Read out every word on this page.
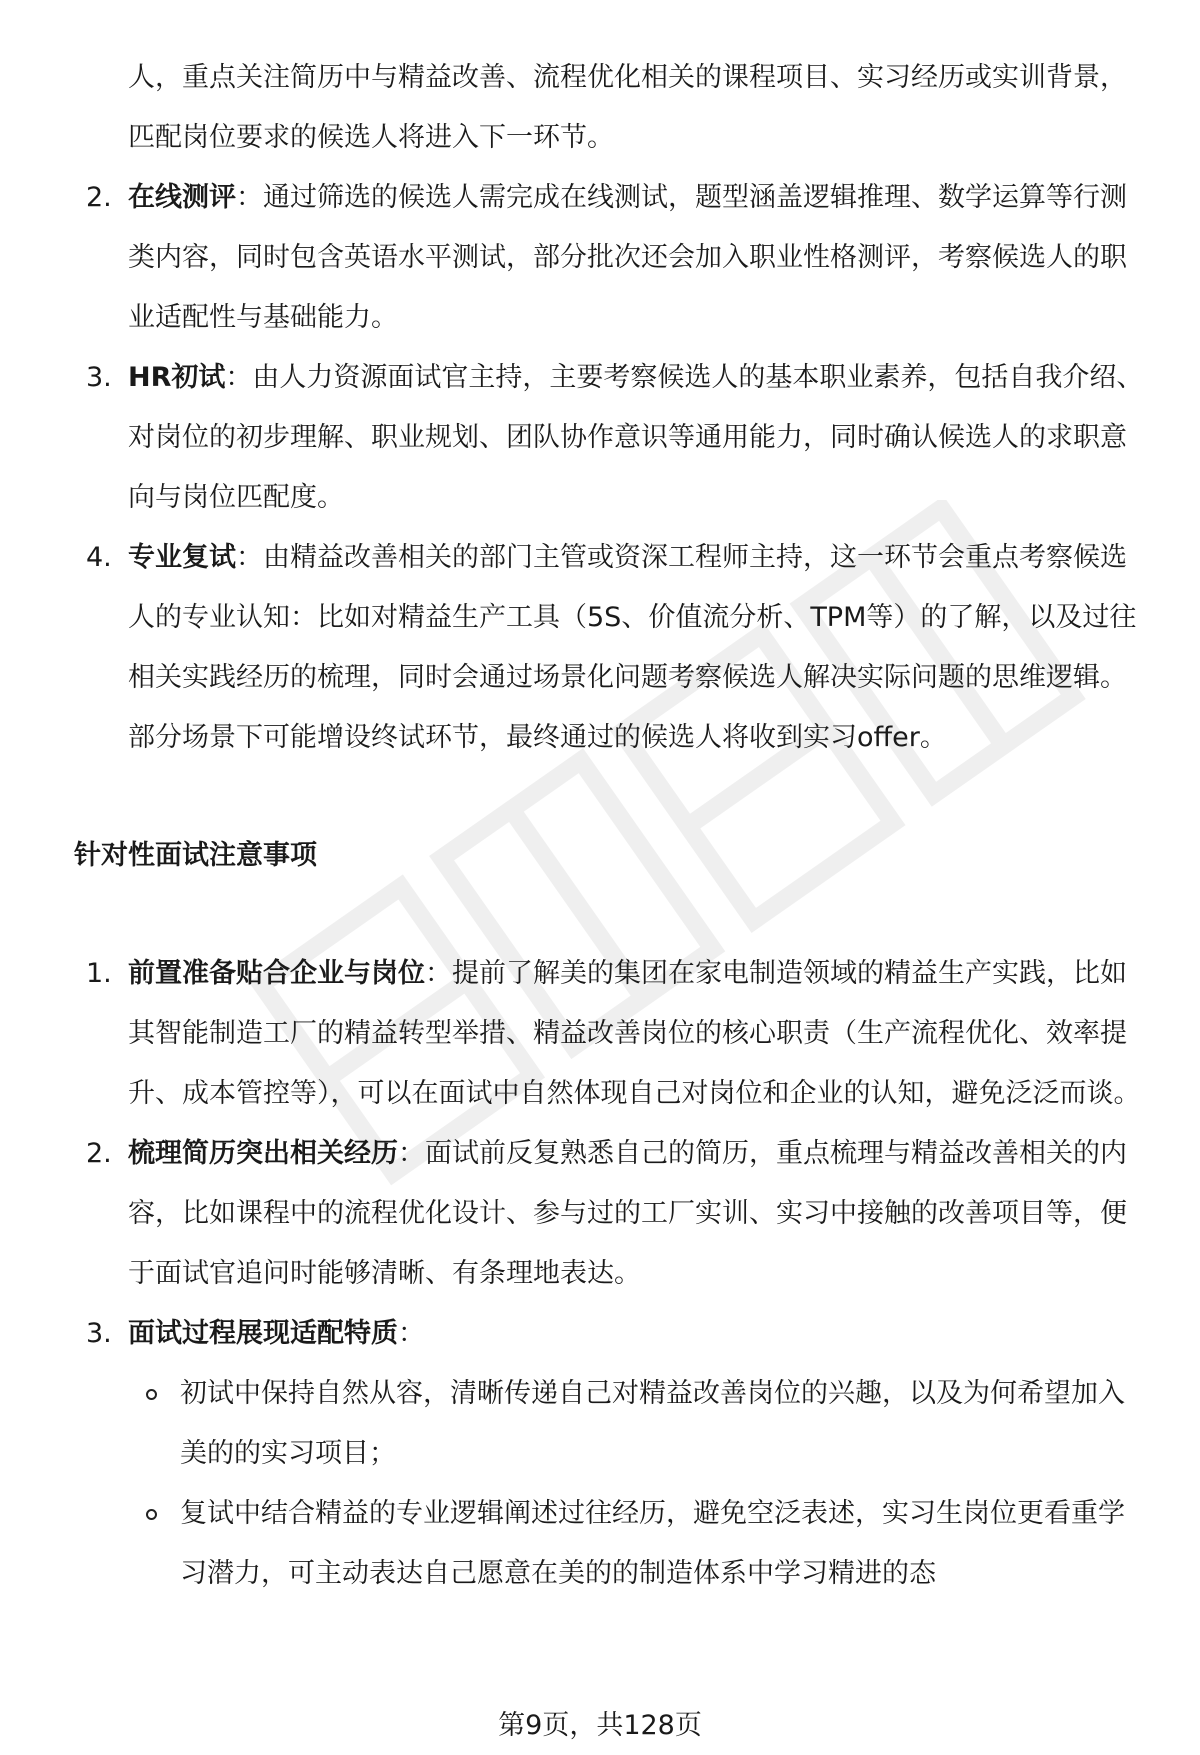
人，重点关注简历中与精益改善、流程优化相关的课程项目、实习经历或实训背景，匹配岗位要求的候选人将进入下一环节。

2. 在线测评：通过筛选的候选人需完成在线测试，题型涵盖逻辑推理、数学运算等行测类内容，同时包含英语水平测试，部分批次还会加入职业性格测评，考察候选人的职业适配性与基础能力。
3. HR初试：由人力资源面试官主持，主要考察候选人的基本职业素养，包括自我介绍、对岗位的初步理解、职业规划、团队协作意识等通用能力，同时确认候选人的求职意向与岗位匹配度。
4. 专业复试：由精益改善相关的部门主管或资深工程师主持，这一环节会重点考察候选人的专业认知：比如对精益生产工具（5S、价值流分析、TPM等）的了解，以及过往相关实践经历的梳理，同时会通过场景化问题考察候选人解决实际问题的思维逻辑。部分场景下可能增设终试环节，最终通过的候选人将收到实习offer。
针对性面试注意事项
1. 前置准备贴合企业与岗位：提前了解美的集团在家电制造领域的精益生产实践，比如其智能制造工厂的精益转型举措、精益改善岗位的核心职责（生产流程优化、效率提升、成本管控等），可以在面试中自然体现自己对岗位和企业的认知，避免泛泛而谈。
2. 梳理简历突出相关经历：面试前反复熟悉自己的简历，重点梳理与精益改善相关的内容，比如课程中的流程优化设计、参与过的工厂实训、实习中接触的改善项目等，便于面试官追问时能够清晰、有条理地表达。
3. 面试过程展现适配特质：
初试中保持自然从容，清晰传递自己对精益改善岗位的兴趣，以及为何希望加入美的的实习项目；
复试中结合精益的专业逻辑阐述过往经历，避免空泛表述，实习生岗位更看重学习潜力，可主动表达自己愿意在美的的制造体系中学习精进的态
第9页，共128页
